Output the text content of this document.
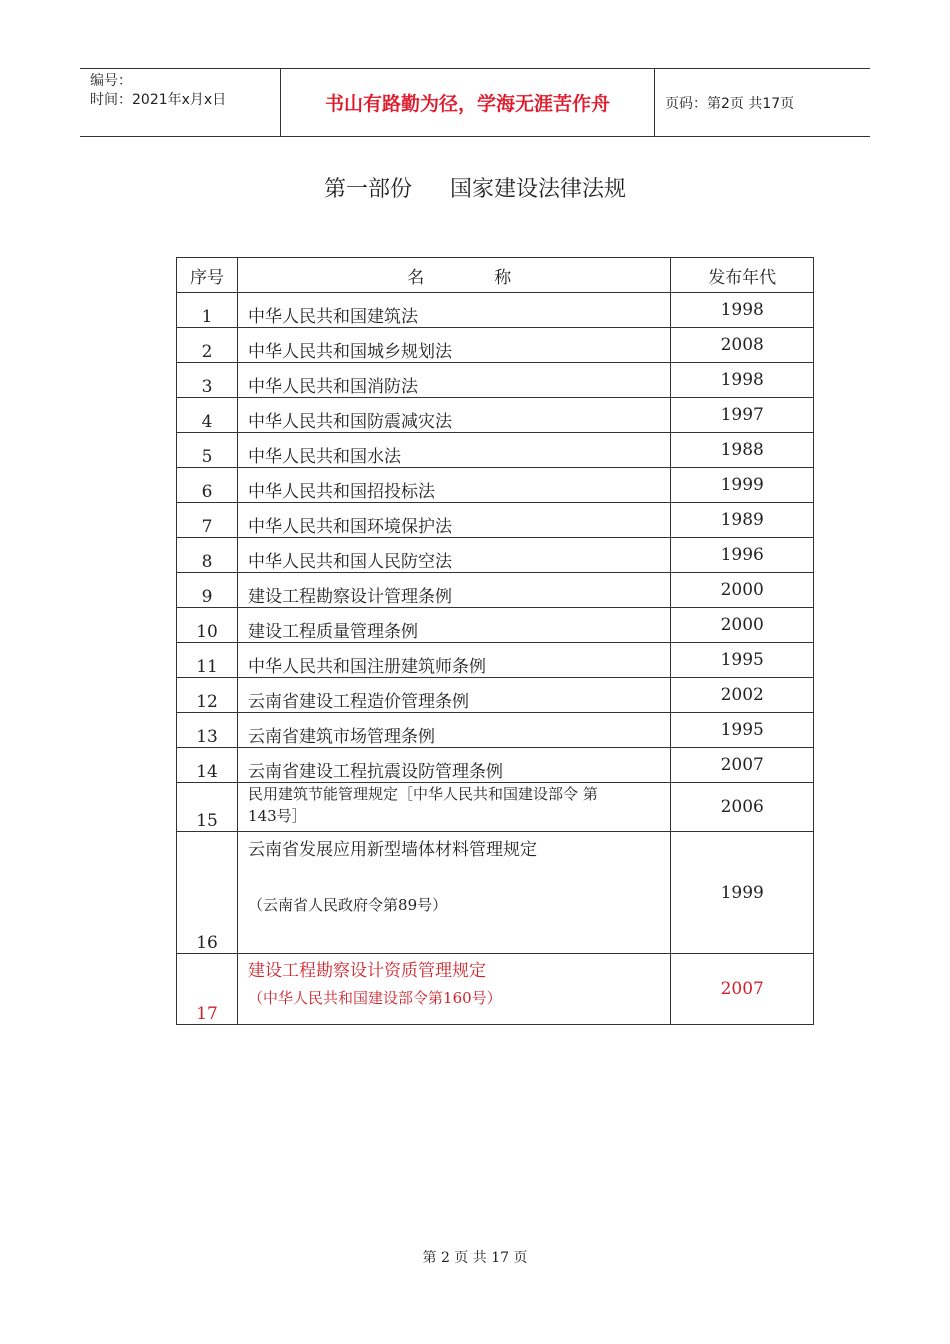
编号：
时间：2021年x月x日	书山有路勤为径，学海无涯苦作舟	页码：第2页 共17页
第一部份 国家建设法律法规
序号	名 称	发布年代
1	中华人民共和国建筑法	1998
2	中华人民共和国城乡规划法	2008
3	中华人民共和国消防法	1998
4	中华人民共和国防震减灾法	1997
5	中华人民共和国水法	1988
6	中华人民共和国招投标法	1999
7	中华人民共和国环境保护法	1989
8	中华人民共和国人民防空法	1996
9	建设工程勘察设计管理条例	2000
10	建设工程质量管理条例	2000
11	中华人民共和国注册建筑师条例	1995
12	云南省建设工程造价管理条例	2002
13	云南省建筑市场管理条例	1995
14	云南省建设工程抗震设防管理条例	2007
15	民用建筑节能管理规定［中华人民共和国建设部令 第
143号］	2006
16	云南省发展应用新型墙体材料管理规定
（云南省人民政府令第89号）	1999
17	建设工程勘察设计资质管理规定
（中华人民共和国建设部令第160号）	2007
第 2 页 共 17 页
